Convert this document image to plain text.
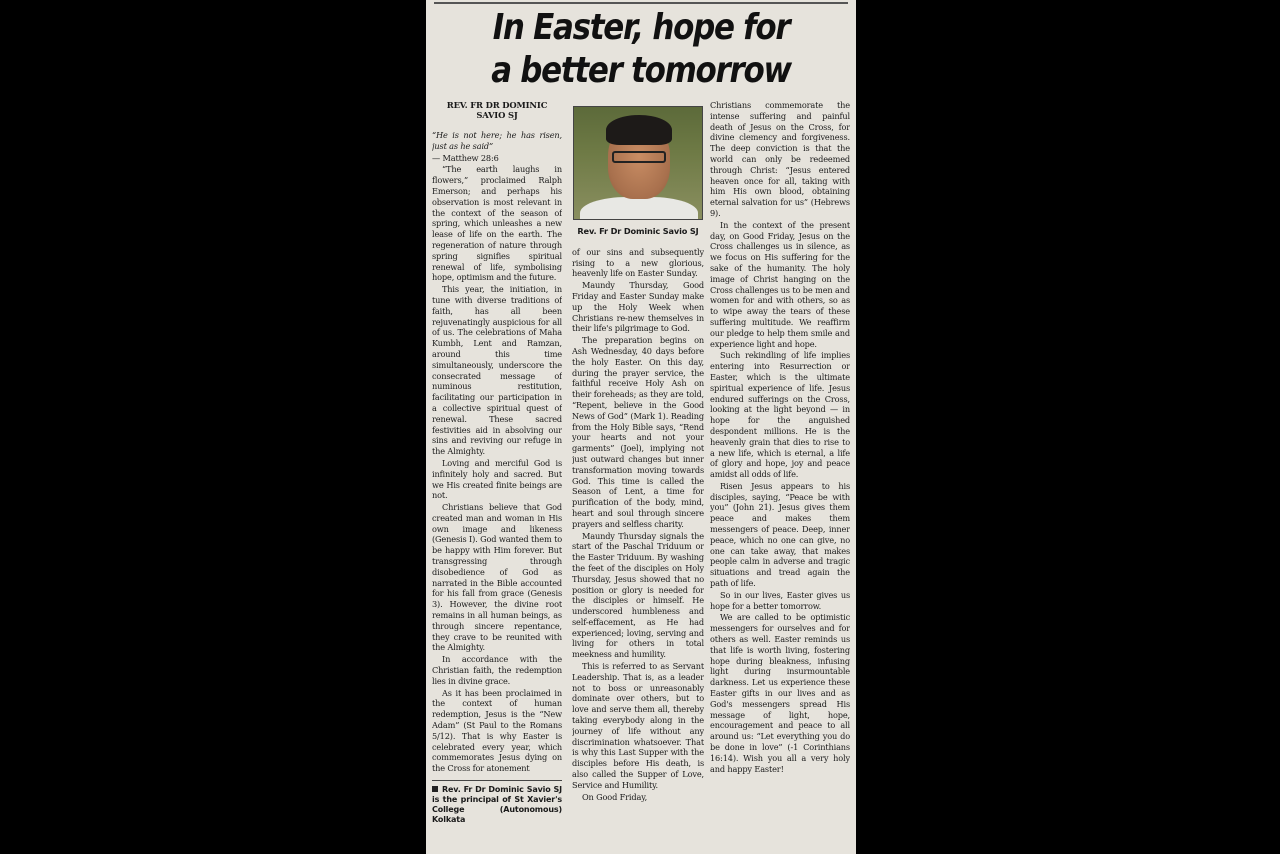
In Easter, hope for
a better tomorrow
REV. FR DR DOMINIC SAVIO SJ

“He is not here; he has risen, just as he said”

— Matthew 28:6

“The earth laughs in flowers,” proclaimed Ralph Emerson; and perhaps his observation is most relevant in the context of the season of spring, which unleashes a new lease of life on the earth. The regeneration of nature through spring signifies spiritual renewal of life, symbolising hope, optimism and the future.

This year, the initiation, in tune with diverse traditions of faith, has all been rejuvenatingly auspicious for all of us. The celebrations of Maha Kumbh, Lent and Ramzan, around this time simultaneously, underscore the consecrated message of numinous restitution, facilitating our participation in a collective spiritual quest of renewal. These sacred festivities aid in absolving our sins and reviving our refuge in the Almighty.

Loving and merciful God is infinitely holy and sacred. But we His created finite beings are not.

Christians believe that God created man and woman in His own image and likeness (Genesis I). God wanted them to be happy with Him forever. But transgressing through disobedience of God as narrated in the Bible accounted for his fall from grace (Genesis 3). However, the divine root remains in all human beings, as through sincere repentance, they crave to be reunited with the Almighty.

In accordance with the Christian faith, the redemption lies in divine grace.

As it has been proclaimed in the context of human redemption, Jesus is the “New Adam” (St Paul to the Romans 5/12). That is why Easter is celebrated every year, which commemorates Jesus dying on the Cross for atonement

Rev. Fr Dr Dominic Savio SJ is the principal of St Xavier's College (Autonomous) Kolkata
Rev. Fr Dr Dominic Savio SJ

of our sins and subsequently rising to a new glorious, heavenly life on Easter Sunday.

Maundy Thursday, Good Friday and Easter Sunday make up the Holy Week when Christians re-new themselves in their life's pilgrimage to God.

The preparation begins on Ash Wednesday, 40 days before the holy Easter. On this day, during the prayer service, the faithful receive Holy Ash on their foreheads; as they are told, “Repent, believe in the Good News of God” (Mark 1). Reading from the Holy Bible says, “Rend your hearts and not your garments” (Joel), implying not just outward changes but inner transformation moving towards God. This time is called the Season of Lent, a time for purification of the body, mind, heart and soul through sincere prayers and selfless charity.

Maundy Thursday signals the start of the Paschal Triduum or the Easter Triduum. By washing the feet of the disciples on Holy Thursday, Jesus showed that no position or glory is needed for the disciples or himself. He underscored humbleness and self-effacement, as He had experienced; loving, serving and living for others in total meekness and humility.

This is referred to as Servant Leadership. That is, as a leader not to boss or unreasonably dominate over others, but to love and serve them all, thereby taking everybody along in the journey of life without any discrimination whatsoever. That is why this Last Supper with the disciples before His death, is also called the Supper of Love, Service and Humility.

On Good Friday,

Christians commemorate the intense suffering and painful death of Jesus on the Cross, for divine clemency and forgiveness. The deep conviction is that the world can only be redeemed through Christ: “Jesus entered heaven once for all, taking with him His own blood, obtaining eternal salvation for us” (Hebrews 9).

In the context of the present day, on Good Friday, Jesus on the Cross challenges us in silence, as we focus on His suffering for the sake of the humanity. The holy image of Christ hanging on the Cross challenges us to be men and women for and with others, so as to wipe away the tears of these suffering multitude. We reaffirm our pledge to help them smile and experience light and hope.

Such rekindling of life implies entering into Resurrection or Easter, which is the ultimate spiritual experience of life. Jesus endured sufferings on the Cross, looking at the light beyond — in hope for the anguished despondent millions. He is the heavenly grain that dies to rise to a new life, which is eternal, a life of glory and hope, joy and peace amidst all odds of life.

Risen Jesus appears to his disciples, saying, “Peace be with you” (John 21). Jesus gives them peace and makes them messengers of peace. Deep, inner peace, which no one can give, no one can take away, that makes people calm in adverse and tragic situations and tread again the path of life.

So in our lives, Easter gives us hope for a better tomorrow.

We are called to be optimistic messengers for ourselves and for others as well. Easter reminds us that life is worth living, fostering hope during bleakness, infusing light during insurmountable darkness. Let us experience these Easter gifts in our lives and as God's messengers spread His message of light, hope, encouragement and peace to all around us: “Let everything you do be done in love” (-1 Corinthians 16:14). Wish you all a very holy and happy Easter!
